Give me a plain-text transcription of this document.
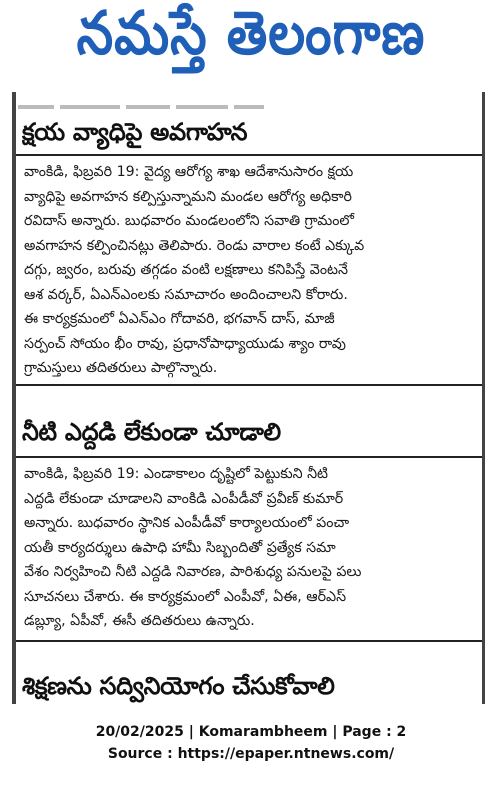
నమస్తే తెలంగాణ
క్షయ వ్యాధిపై అవగాహన

వాంకిడి, ఫిబ్రవరి 19: వైద్య ఆరోగ్య శాఖ ఆదేశానుసారం క్షయ

వ్యాధిపై అవగాహన కల్పిస్తున్నామని మండల ఆరోగ్య అధికారి

రవిదాస్ అన్నారు. బుధవారం మండలంలోని సవాతి గ్రామంలో

అవగాహన కల్పించినట్లు తెలిపారు. రెండు వారాల కంటే ఎక్కువ

దగ్గు, జ్వరం, బరువు తగ్గడం వంటి లక్షణాలు కనిపిస్తే వెంటనే

ఆశ వర్కర్, ఏఎన్ఎంలకు సమాచారం అందించాలని కోరారు.

ఈ కార్యక్రమంలో ఏఎన్ఎం గోదావరి, భగవాన్ దాస్, మాజీ

సర్పంచ్ సోయం భీం రావు, ప్రధానోపాధ్యాయుడు శ్యాం రావు

గ్రామస్తులు తదితరులు పాల్గొన్నారు.

నీటి ఎద్దడి లేకుండా చూడాలి

వాంకిడి, ఫిబ్రవరి 19: ఎండాకాలం దృష్టిలో పెట్టుకుని నీటి

ఎద్దడి లేకుండా చూడాలని వాంకిడి ఎంపీడీవో ప్రవీణ్ కుమార్

అన్నారు. బుధవారం స్థానిక ఎంపీడీవో కార్యాలయంలో పంచా

యతీ కార్యదర్శులు ఉపాధి హామీ సిబ్బందితో ప్రత్యేక సమా

వేశం నిర్వహించి నీటి ఎద్దడి నివారణ, పారిశుధ్య పనులపై పలు

సూచనలు చేశారు. ఈ కార్యక్రమంలో ఎంపీవో, ఏఈ, ఆర్ఎస్

డబ్ల్యూ, ఏపీవో, ఈసీ తదితరులు ఉన్నారు.

శిక్షణను సద్వినియోగం చేసుకోవాలి
20/02/2025 | Komarambheem | Page : 2
Source : https://epaper.ntnews.com/
